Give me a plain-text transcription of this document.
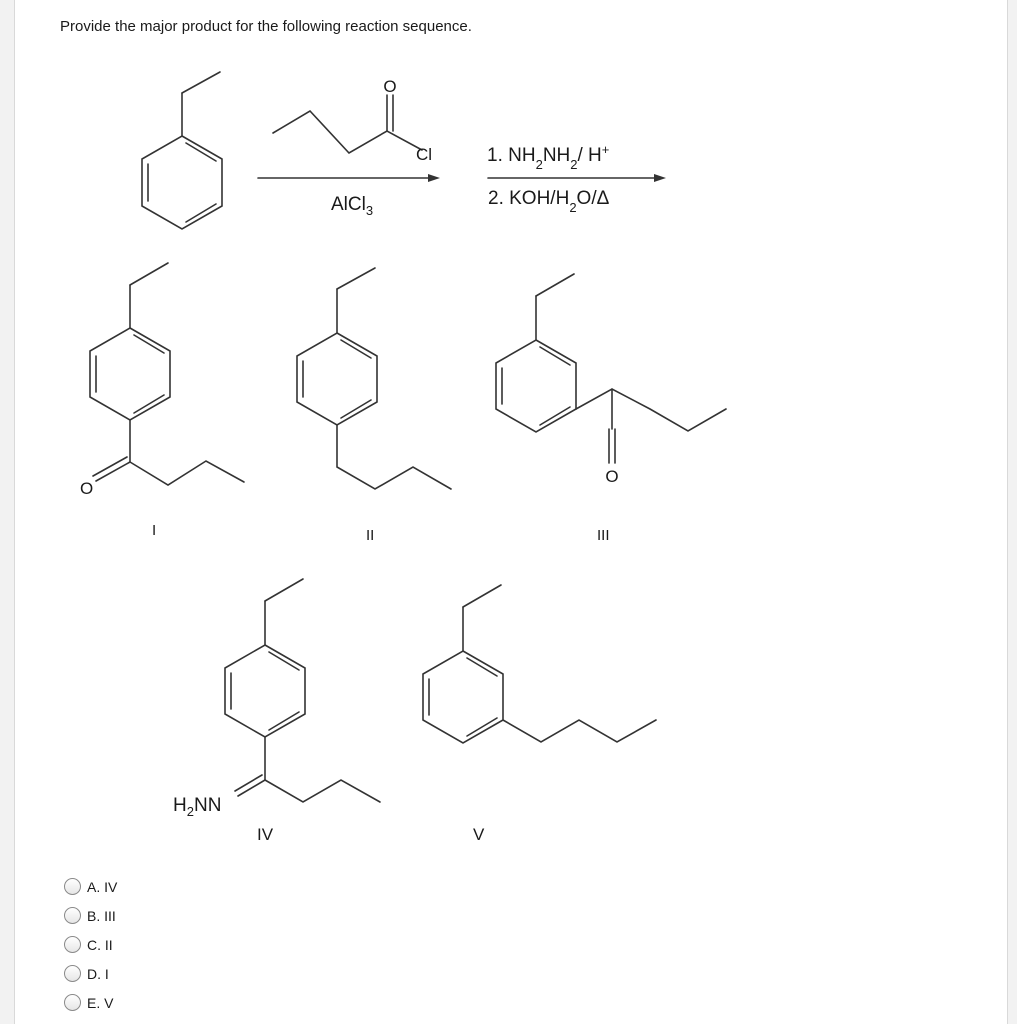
Provide the major product for the following reaction sequence.
O
Cl
AlCl$_3$
1. $NH_2NH_2/$ H+
2. KOH/$H_2O/\Delta$
O
I	II
O
III
$H_2NN$
IV	V
A. IV
B. III
C. II
D. I
E. V
